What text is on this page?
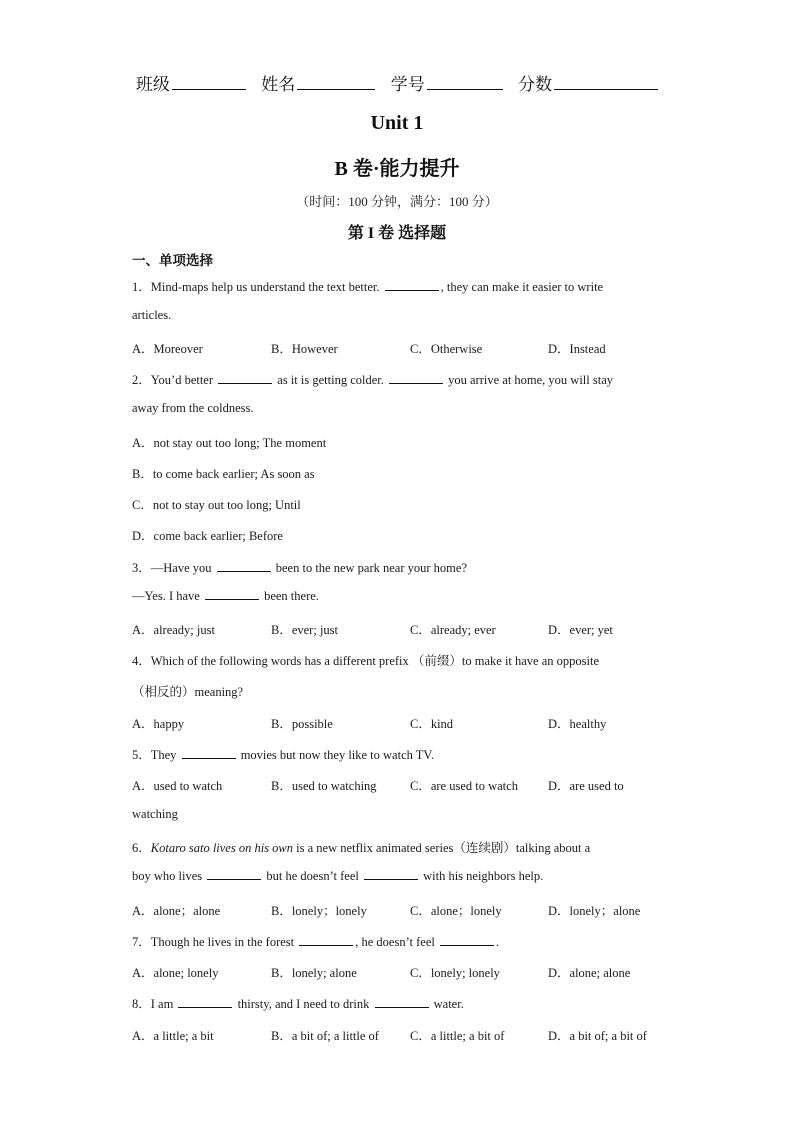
班级	姓名	学号	分数
Unit 1
B 卷·能力提升
（时间：100 分钟，满分：100 分）
第 I 卷 选择题
一、单项选择
1．Mind-maps help us understand the text better.	, they can make it easier to write
articles.
A．Moreover	B．However	C．Otherwise	D．Instead
2．You’d better	as it is getting colder.	you arrive at home, you will stay
away from the coldness.
A．not stay out too long; The moment
B．to come back earlier; As soon as
C．not to stay out too long; Until
D．come back earlier; Before
3．—Have you	been to the new park near your home?
—Yes. I have	been there.
A．already; just	B．ever; just	C．already; ever	D．ever; yet
4．Which of the following words has a different prefix （前缀）to make it have an opposite
（相反的）meaning?
A．happy	B．possible	C．kind	D．healthy
5．They	movies but now they like to watch TV.
A．used to watch	B．used to watching	C．are used to watch D．are used to
watching
6．Kotaro sato lives on his own is a new netflix animated series（连续剧）talking about a
boy who lives	but he doesn’t feel	with his neighbors help.
A．alone；alone	B．lonely；lonely	C．alone；lonely	D．lonely；alone
7．Though he lives in the forest	, he doesn’t feel	.
A．alone; lonely	B．lonely; alone	C．lonely; lonely	D．alone; alone
8．I am	thirsty, and I need to drink	water.
A．a little; a bit	B．a bit of; a little of C．a little; a bit of	D．a bit of; a bit of
